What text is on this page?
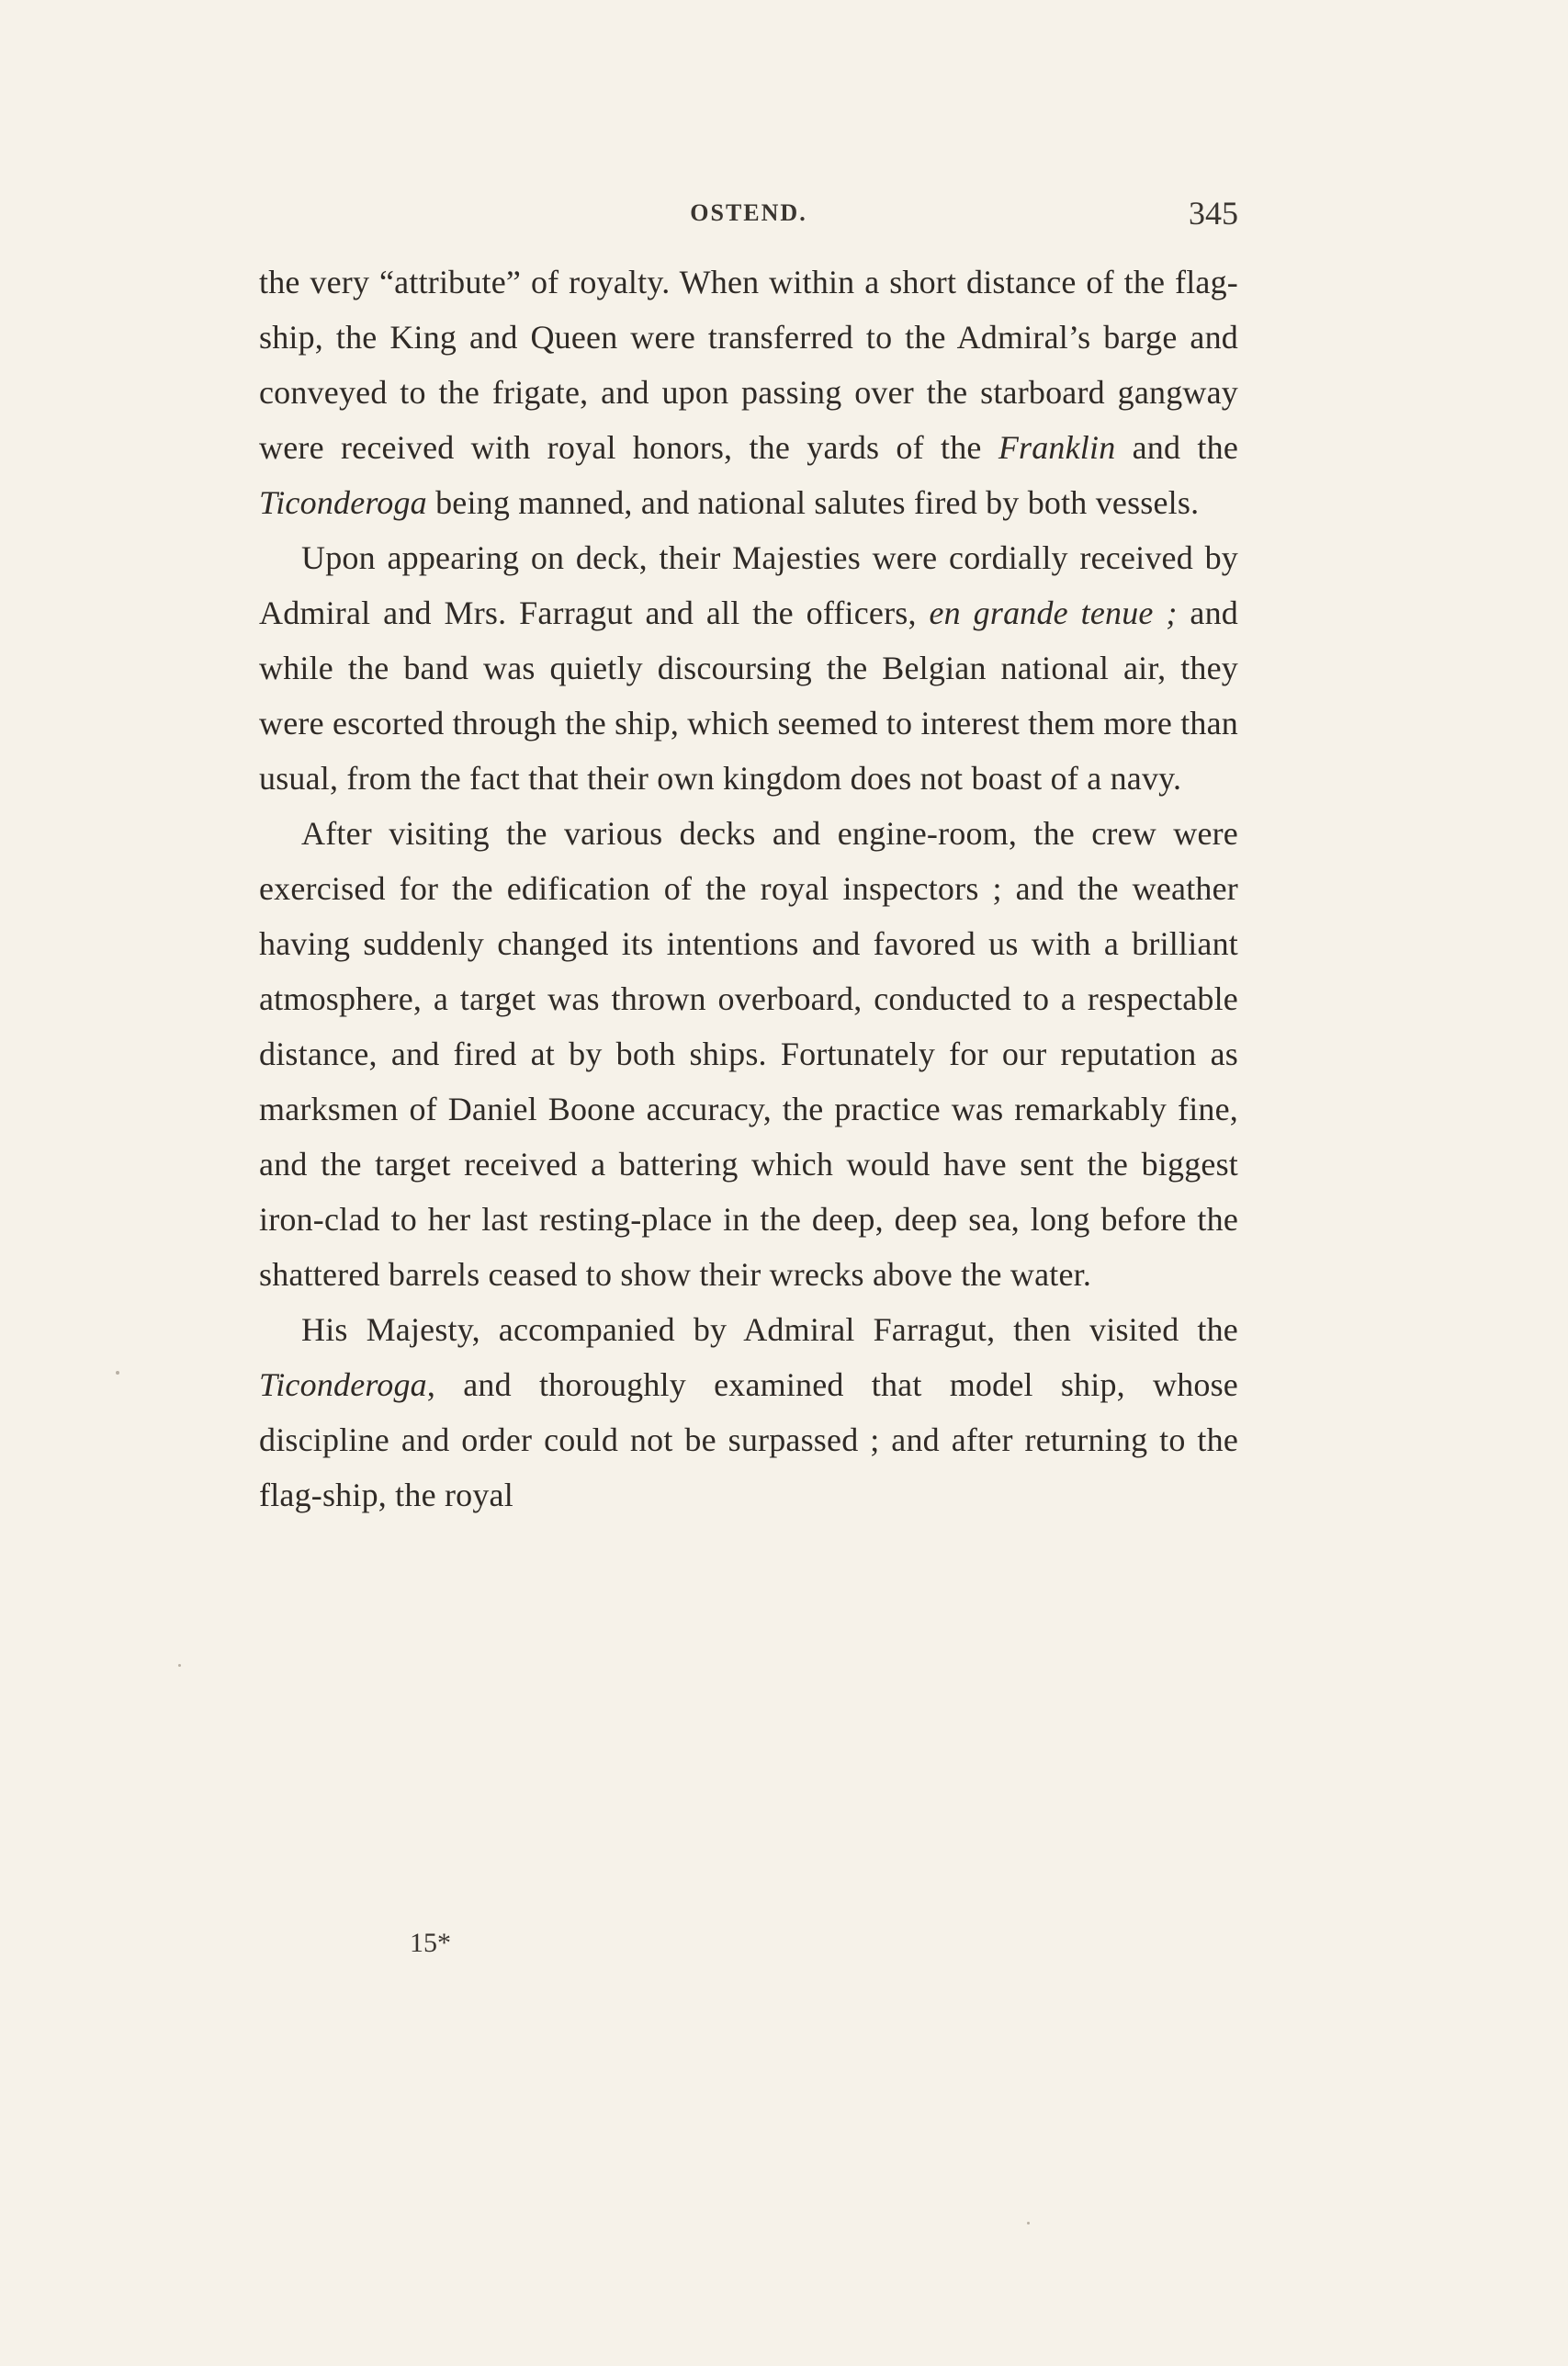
OSTEND.	345

the very “attribute” of royalty. When within a short distance of the flag-ship, the King and Queen were transferred to the Admiral’s barge and conveyed to the frigate, and upon passing over the starboard gangway were received with royal honors, the yards of the Franklin and the Ticonderoga being manned, and national salutes fired by both vessels.

Upon appearing on deck, their Majesties were cordially received by Admiral and Mrs. Farragut and all the officers, en grande tenue ; and while the band was quietly discoursing the Belgian national air, they were escorted through the ship, which seemed to interest them more than usual, from the fact that their own kingdom does not boast of a navy.

After visiting the various decks and engine-room, the crew were exercised for the edification of the royal inspectors ; and the weather having suddenly changed its intentions and favored us with a brilliant atmosphere, a target was thrown overboard, conducted to a respectable distance, and fired at by both ships. Fortunately for our reputation as marksmen of Daniel Boone accuracy, the practice was remarkably fine, and the target received a battering which would have sent the biggest iron-clad to her last resting-place in the deep, deep sea, long before the shattered barrels ceased to show their wrecks above the water.

His Majesty, accompanied by Admiral Farragut, then visited the Ticonderoga, and thoroughly examined that model ship, whose discipline and order could not be surpassed ; and after returning to the flag-ship, the royal

15*
